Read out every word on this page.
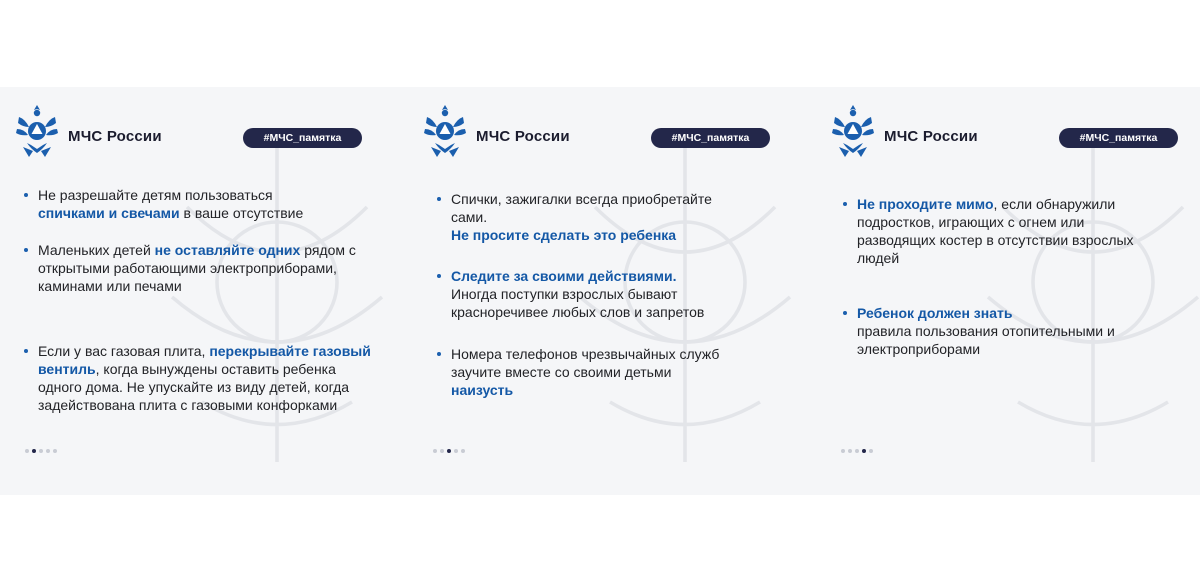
МЧС России	#МЧС_памятка
Не разрешайте детям пользоваться
спичками и свечами в ваше отсутствие
Маленьких детей не оставляйте одних рядом с открытыми работающими электроприборами, каминами или печами
Если у вас газовая плита, перекрывайте газовый вентиль, когда вынуждены оставить ребенка одного дома. Не упускайте из виду детей, когда задействована плита с газовыми конфорками
МЧС России	#МЧС_памятка
Спички, зажигалки всегда приобретайте сами.
Не просите сделать это ребенка
Следите за своими действиями.
Иногда поступки взрослых бывают красноречивее любых слов и запретов
Номера телефонов чрезвычайных служб заучите вместе со своими детьми наизусть
МЧС России	#МЧС_памятка
Не проходите мимо, если обнаружили подростков, играющих с огнем или разводящих костер в отсутствии взрослых людей
Ребенок должен знать
правила пользования отопительными и электроприборами
